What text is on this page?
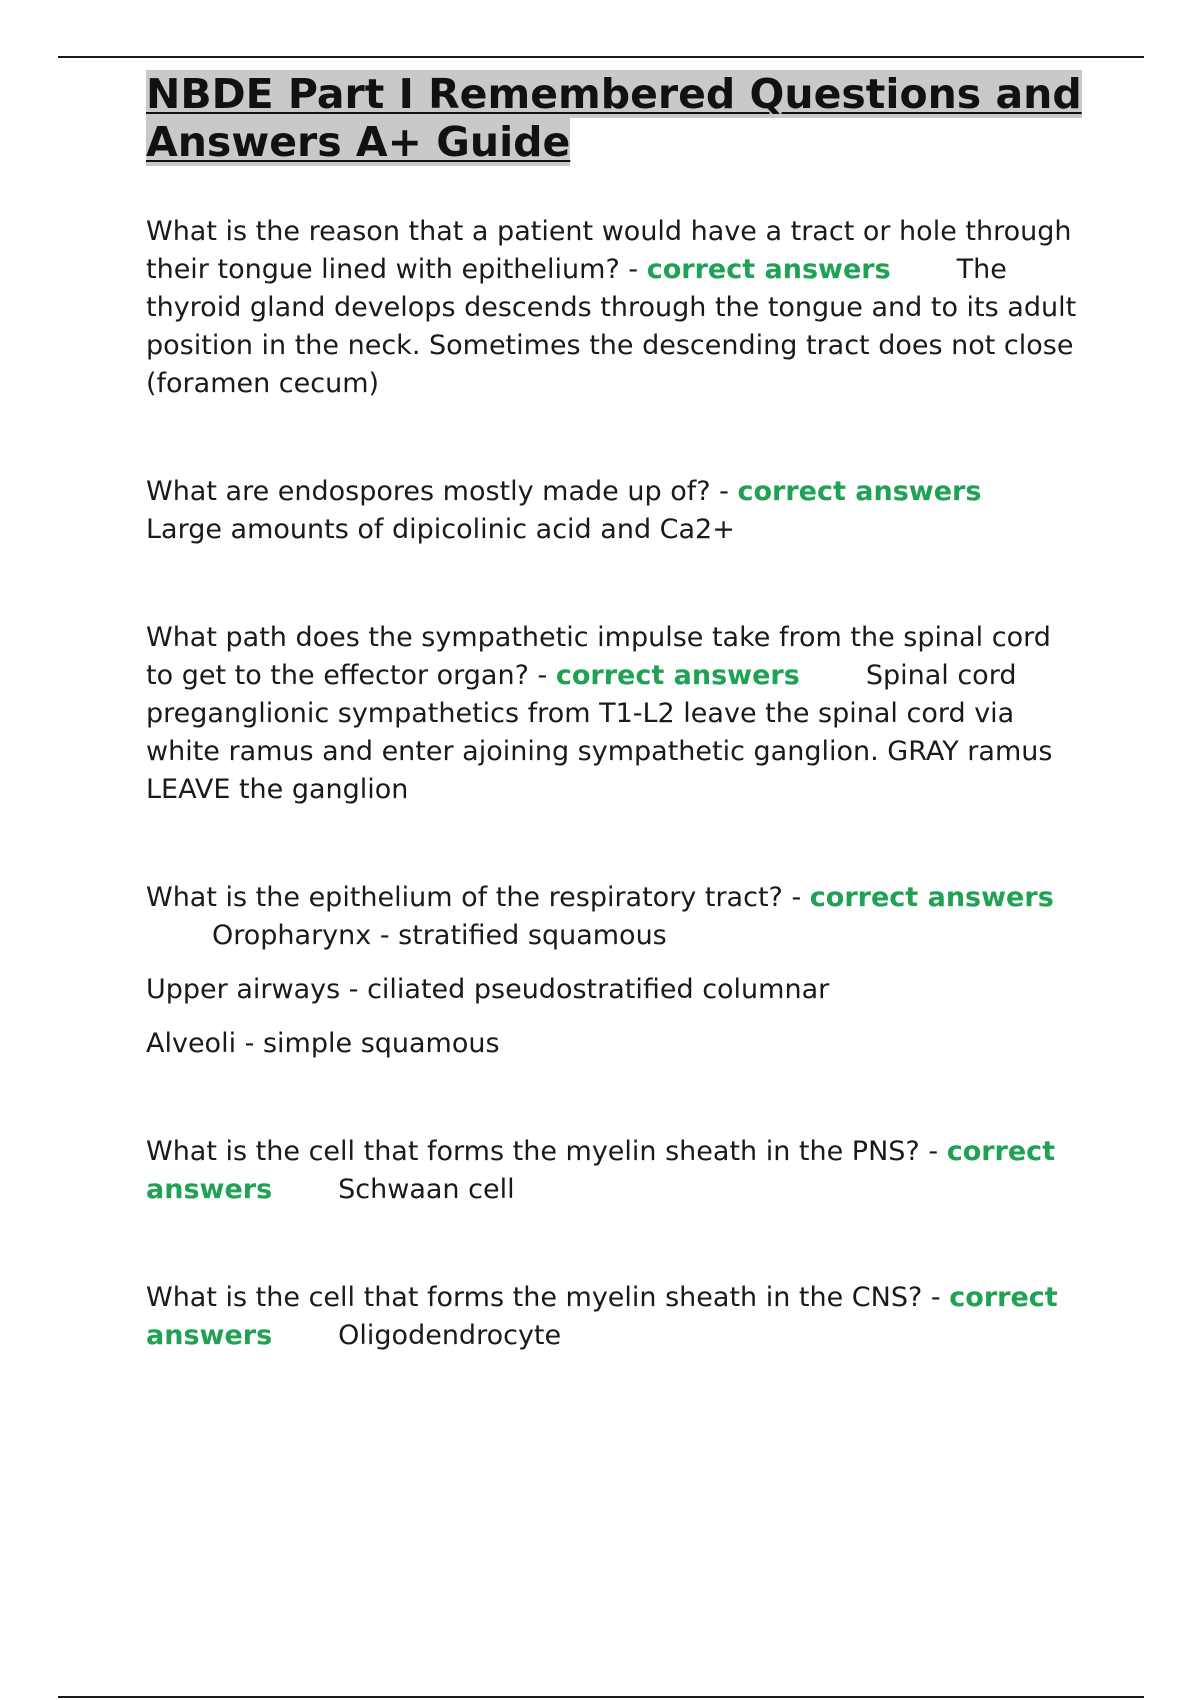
NBDE Part I Remembered Questions and Answers A+ Guide

What is the reason that a patient would have a tract or hole through their tongue lined with epithelium? - correct answers The thyroid gland develops descends through the tongue and to its adult position in the neck. Sometimes the descending tract does not close (foramen cecum)

What are endospores mostly made up of? - correct answersLarge amounts of dipicolinic acid and Ca2+

What path does the sympathetic impulse take from the spinal cord to get to the effector organ? - correct answers Spinal cord preganglionic sympathetics from T1-L2 leave the spinal cord via white ramus and enter ajoining sympathetic ganglion. GRAY ramus LEAVE the ganglion

What is the epithelium of the respiratory tract? - correct answersOropharynx - stratified squamous

Upper airways - ciliated pseudostratified columnar

Alveoli - simple squamous

What is the cell that forms the myelin sheath in the PNS? - correct answers Schwaan cell

What is the cell that forms the myelin sheath in the CNS? - correct answers Oligodendrocyte
